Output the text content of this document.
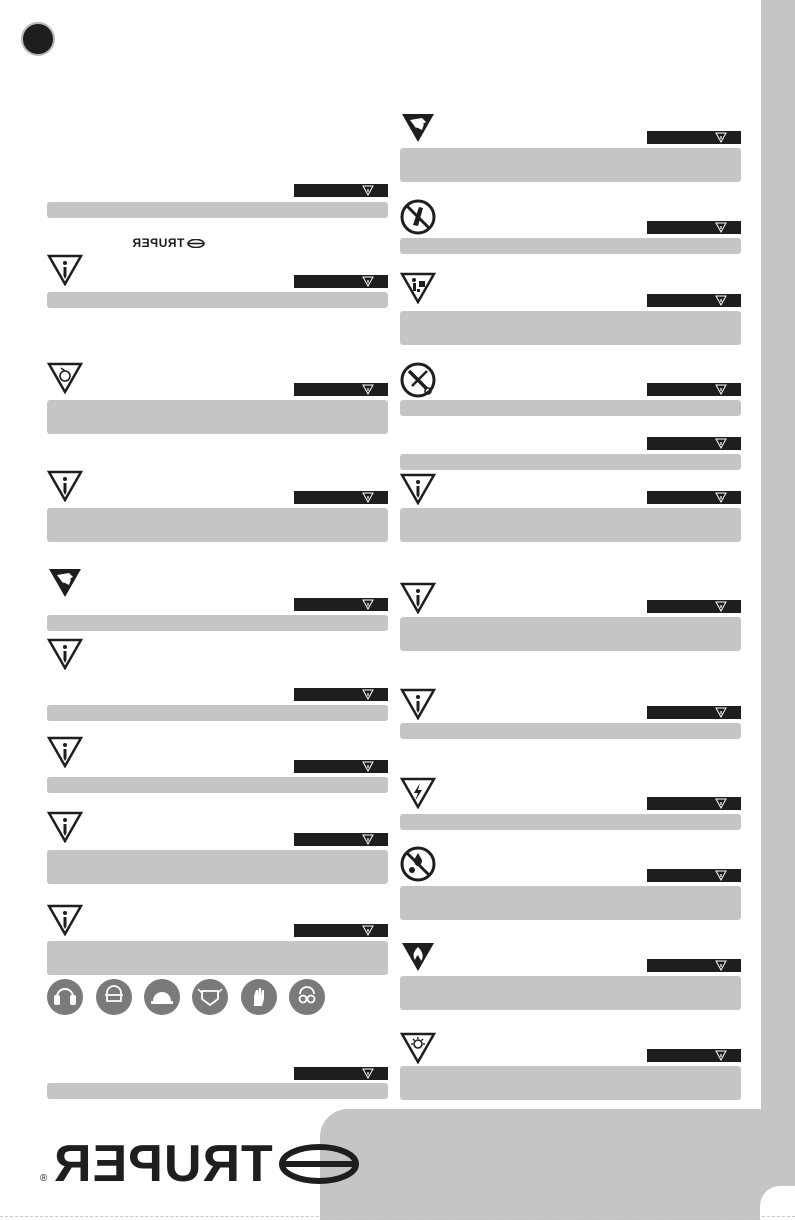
TRUPER
® TRUPER
